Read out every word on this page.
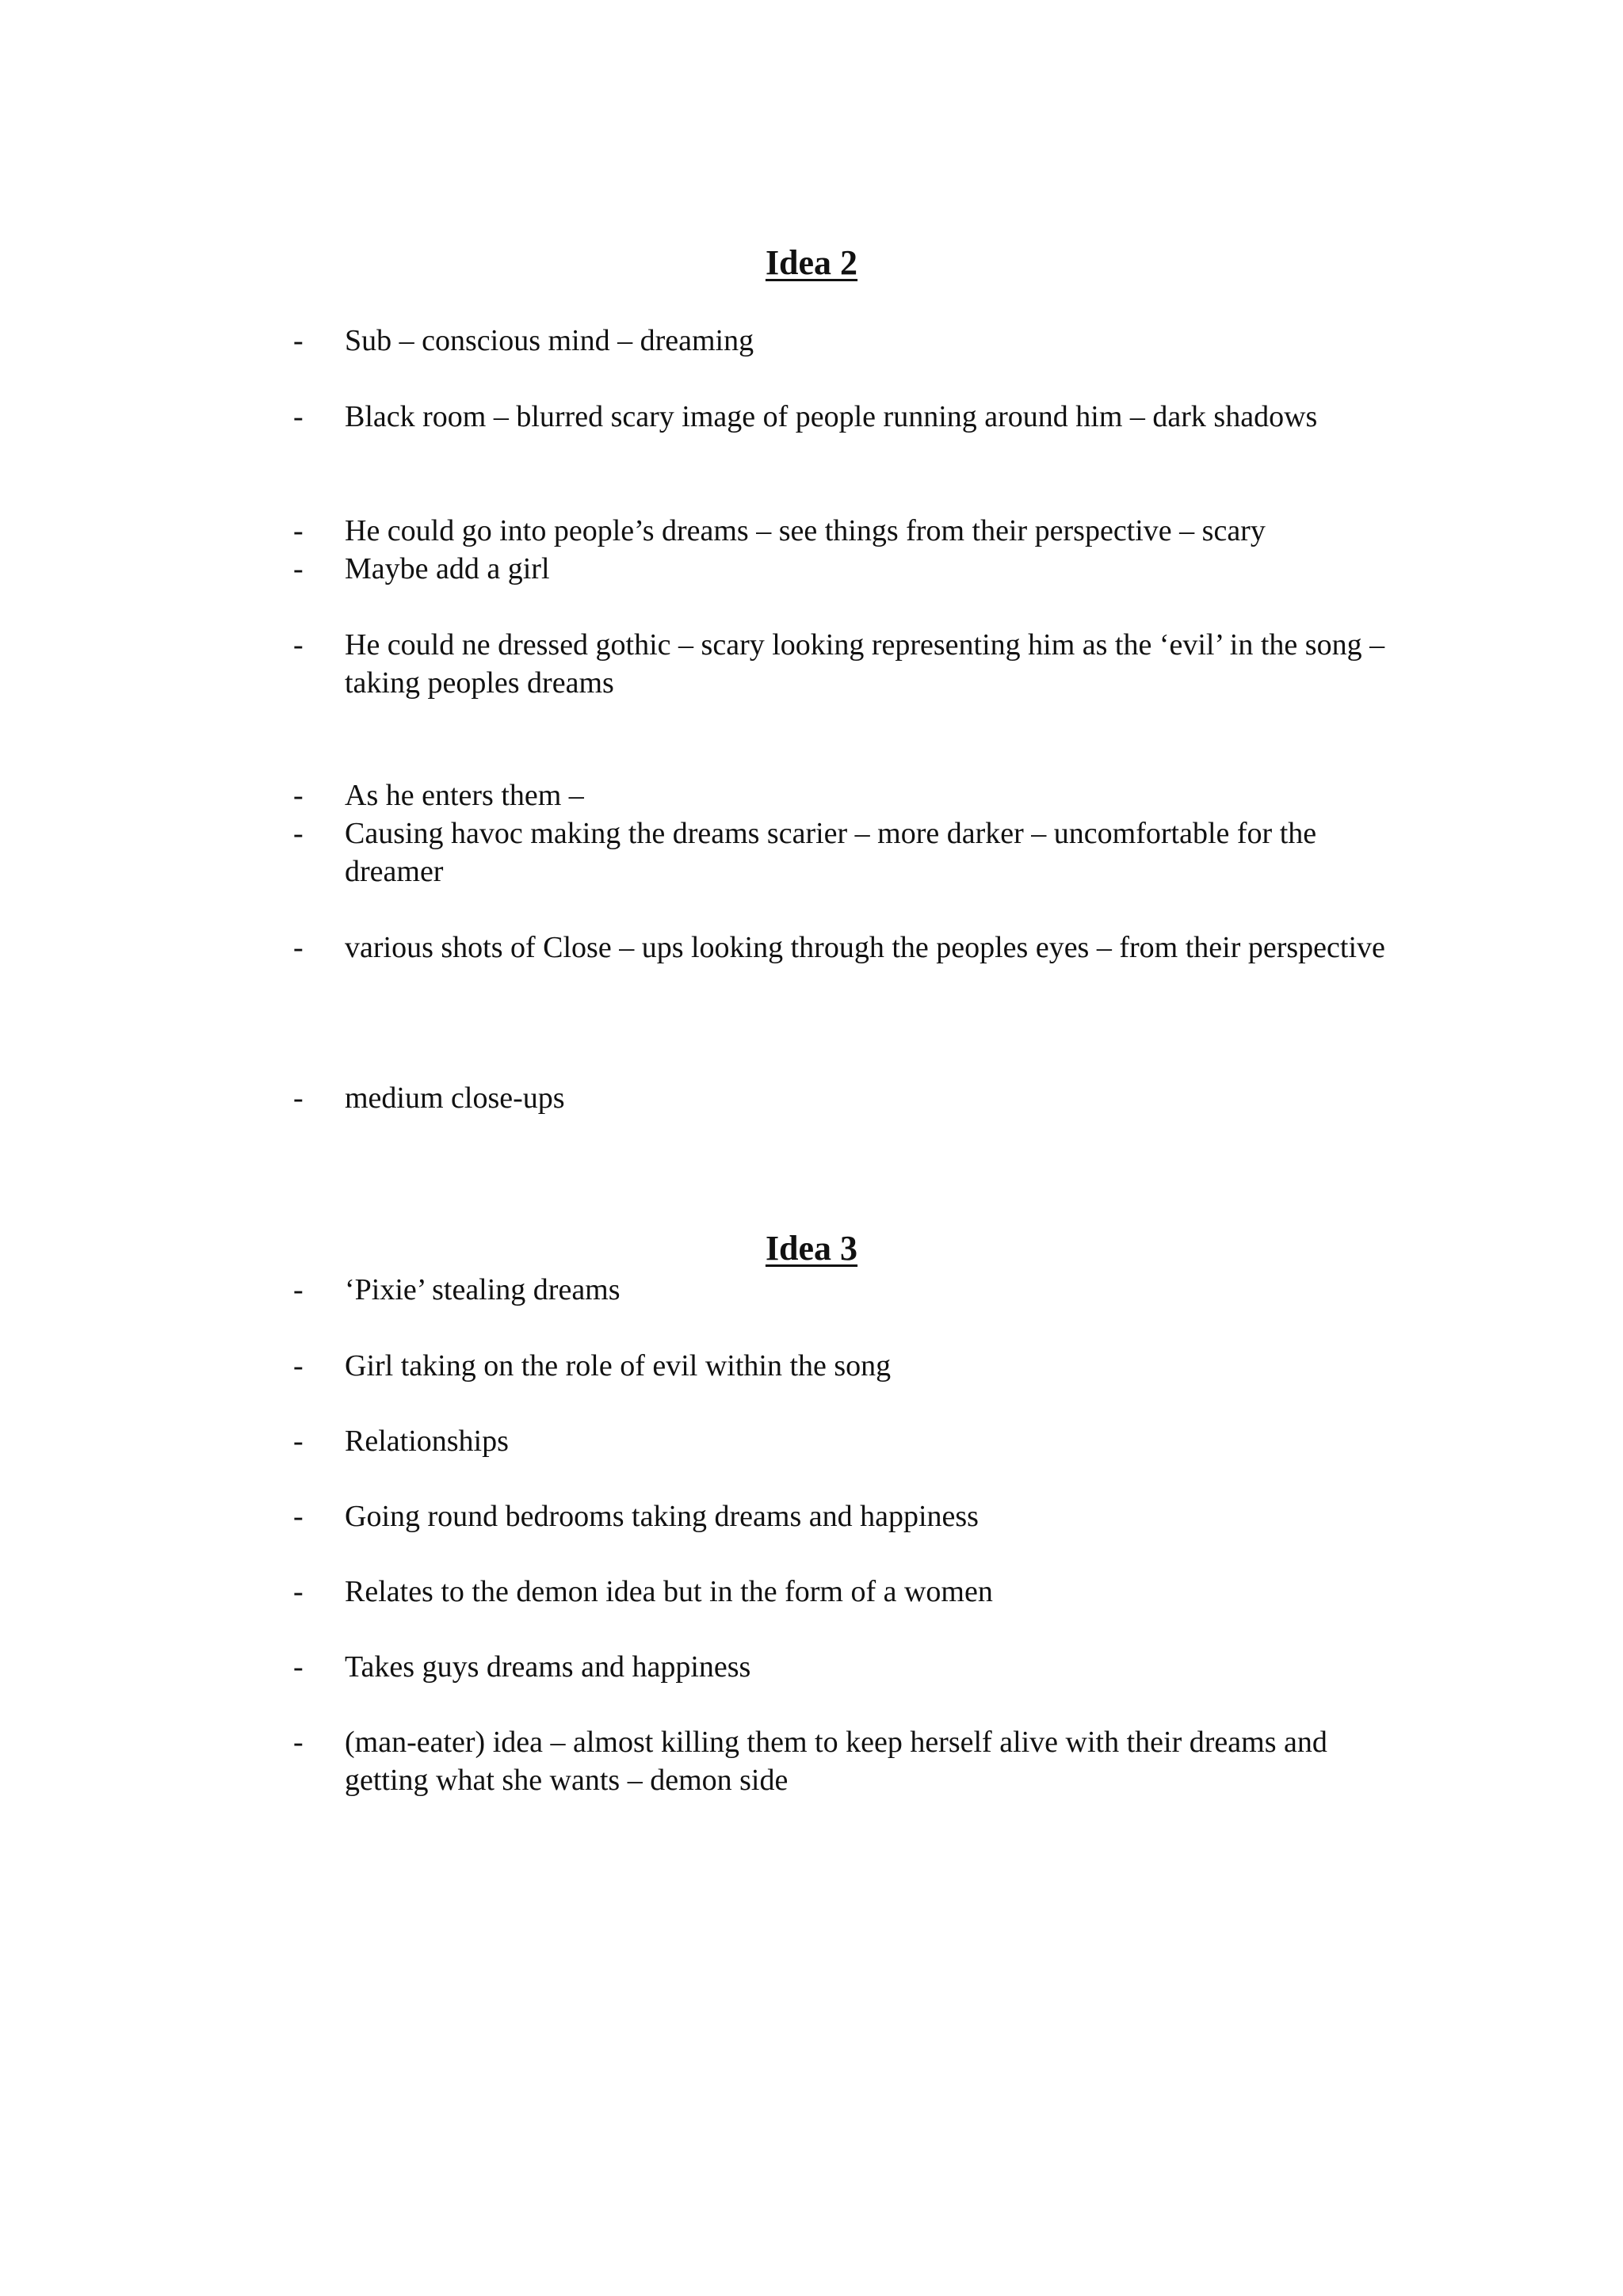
Idea 2
-	Sub – conscious mind – dreaming
-	Black room – blurred scary image of people running around him – dark shadows
-	He could go into people’s dreams – see things from their perspective – scary
-	Maybe add a girl
-	He could ne dressed gothic – scary looking representing him as the ‘evil’ in the song – taking peoples dreams
-	As he enters them –
-	Causing havoc making the dreams scarier – more darker – uncomfortable for the dreamer
-	various shots of Close – ups looking through the peoples eyes – from their perspective
-	medium close-ups
Idea 3
-	‘Pixie’ stealing dreams
-	Girl taking on the role of evil within the song
-	Relationships
-	Going round bedrooms taking dreams and happiness
-	Relates to the demon idea but in the form of a women
-	Takes guys dreams and happiness
-	(man-eater) idea – almost killing them to keep herself alive with their dreams and getting what she wants – demon side
